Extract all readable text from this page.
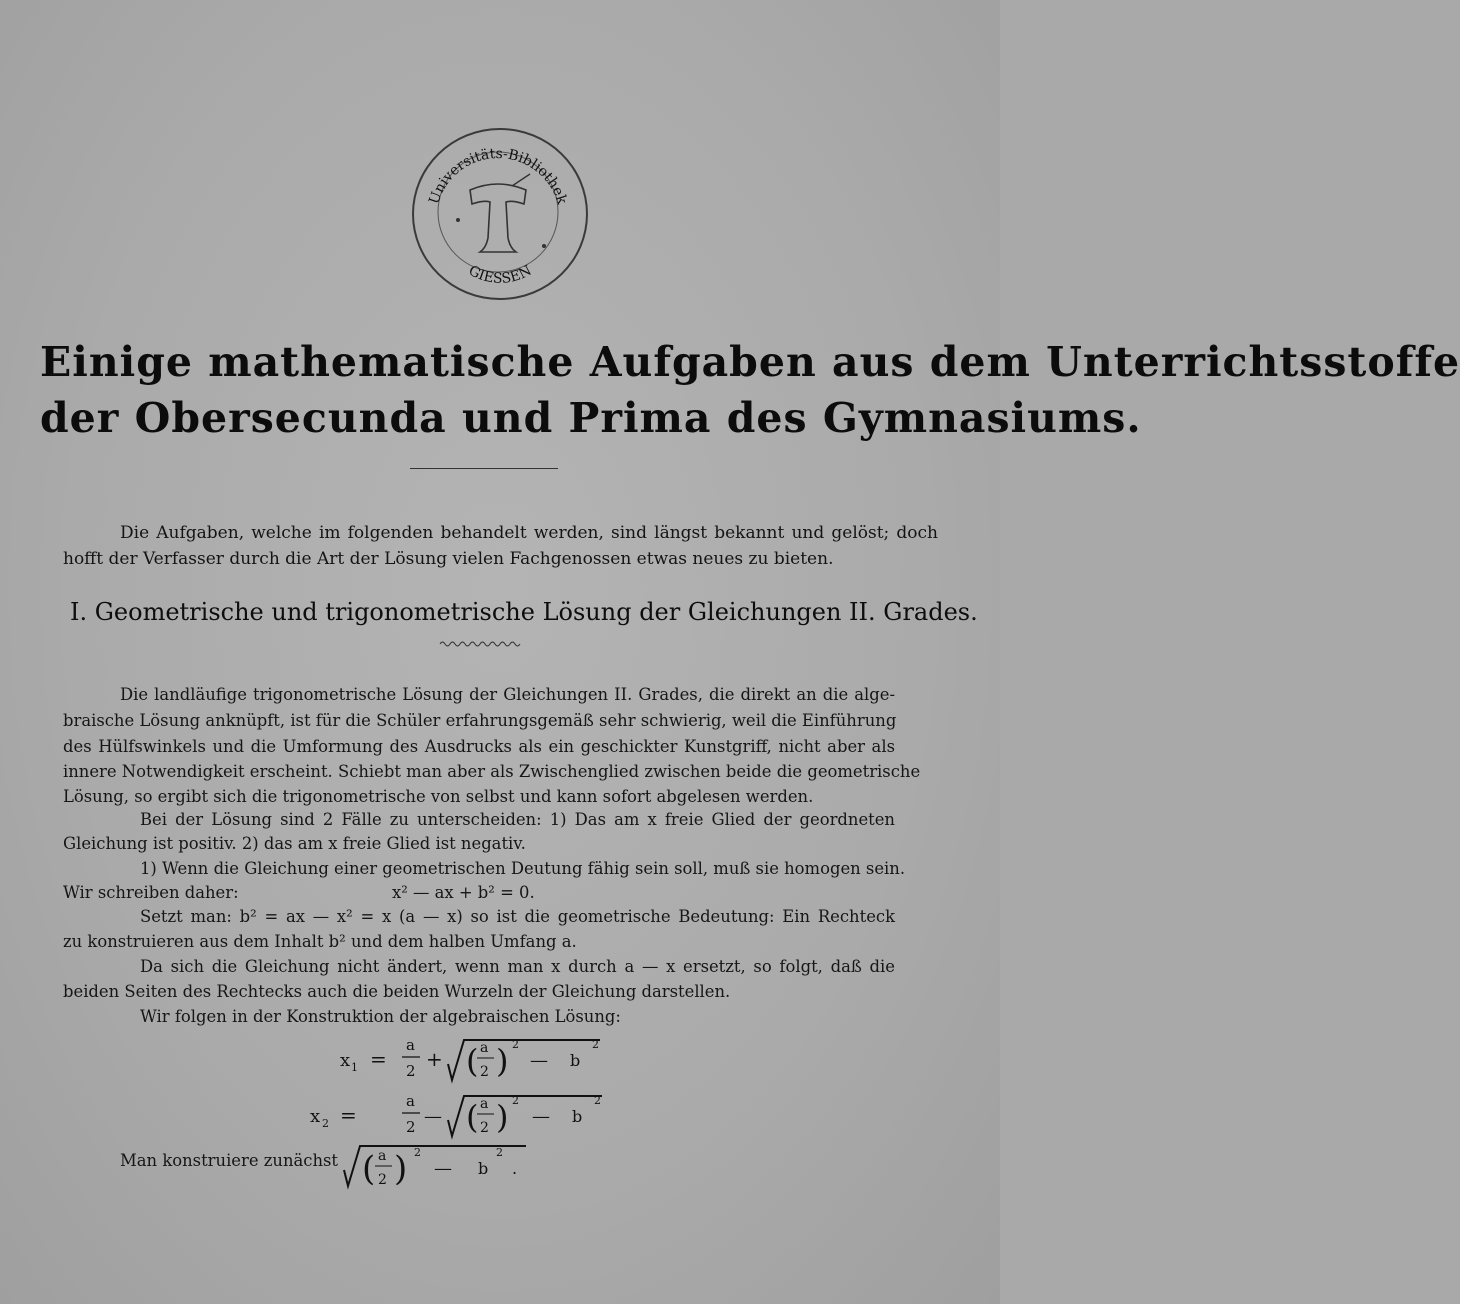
Universitäts-Bibliothek
GIESSEN
Einige mathematische Aufgaben aus dem Unterrichtsstoffe
der Obersecunda und Prima des Gymnasiums.
Die Aufgaben, welche im folgenden behandelt werden, sind längst bekannt und gelöst; doch
hofft der Verfasser durch die Art der Lösung vielen Fachgenossen etwas neues zu bieten.
I. Geometrische und trigonometrische Lösung der Gleichungen II. Grades.
Die landläufige trigonometrische Lösung der Gleichungen II. Grades, die direkt an die alge-
braische Lösung anknüpft, ist für die Schüler erfahrungsgemäß sehr schwierig, weil die Einführung
des Hülfswinkels und die Umformung des Ausdrucks als ein geschickter Kunstgriff, nicht aber als
innere Notwendigkeit erscheint. Schiebt man aber als Zwischenglied zwischen beide die geometrische
Lösung, so ergibt sich die trigonometrische von selbst und kann sofort abgelesen werden.
Bei der Lösung sind 2 Fälle zu unterscheiden: 1) Das am x freie Glied der geordneten
Gleichung ist positiv. 2) das am x freie Glied ist negativ.
1) Wenn die Gleichung einer geometrischen Deutung fähig sein soll, muß sie homogen sein.
Wir schreiben daher:	x² — ax + b² = 0.
Setzt man: b² = ax — x² = x (a — x) so ist die geometrische Bedeutung: Ein Rechteck
zu konstruieren aus dem Inhalt b² und dem halben Umfang a.
Da sich die Gleichung nicht ändert, wenn man x durch a — x ersetzt, so folgt, daß die
beiden Seiten des Rechtecks auch die beiden Wurzeln der Gleichung darstellen.
Wir folgen in der Konstruktion der algebraischen Lösung:
x 1 =
a
2 + ( a
2 ) 2
— b
2
x 2 =
a
2 — ( a
2 ) 2
— b
2
Man konstruiere zunächst ( a
2 ) 2
— b
2
.
